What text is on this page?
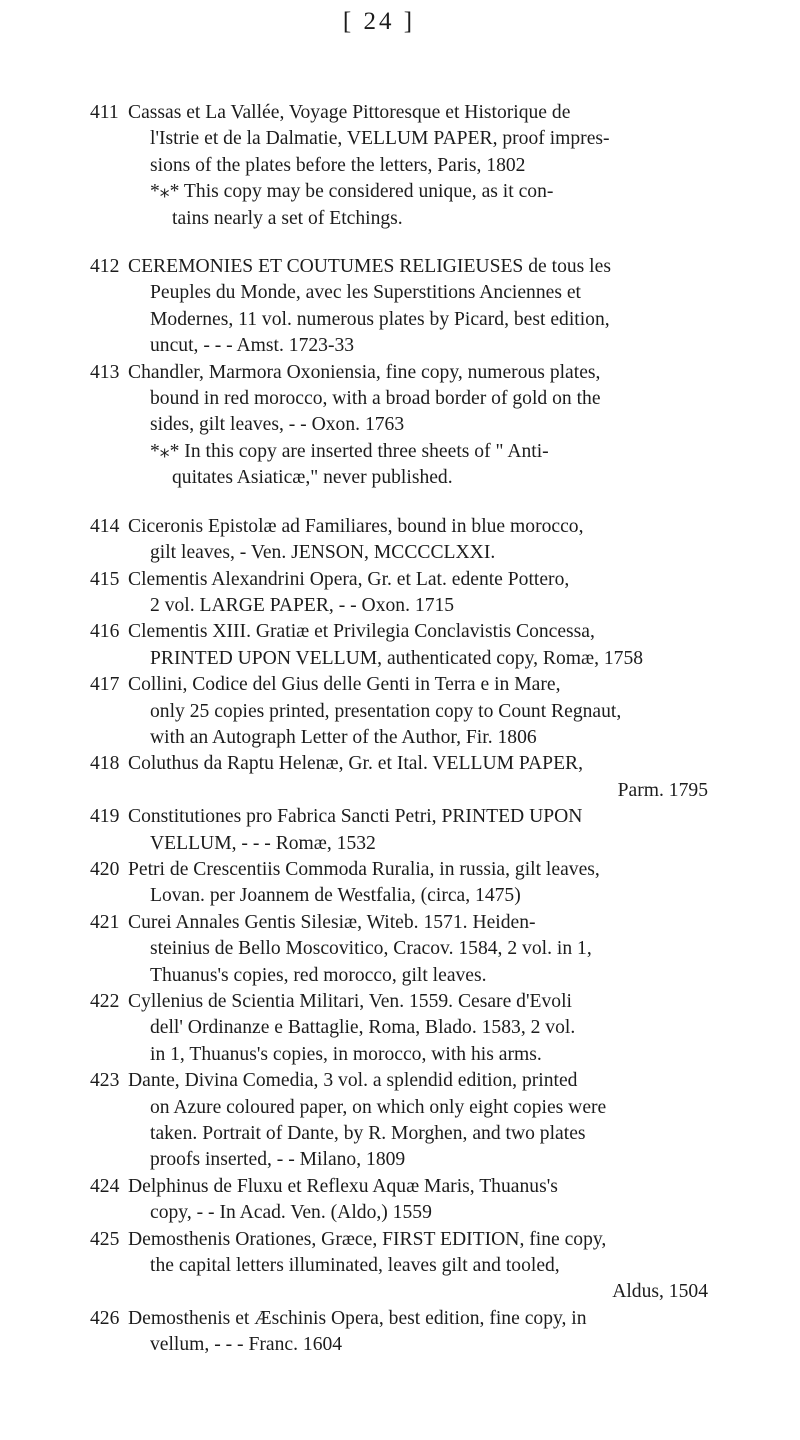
[ 24 ]
411 Cassas et La Vallée, Voyage Pittoresque et Historique de
l'Istrie et de la Dalmatie, VELLUM PAPER, proof impres-
sions of the plates before the letters, Paris, 1802
*⁎* This copy may be considered unique, as it con-
tains nearly a set of Etchings.
412 CEREMONIES ET COUTUMES RELIGIEUSES de tous les
Peuples du Monde, avec les Superstitions Anciennes et
Modernes, 11 vol. numerous plates by Picard, best edition,
uncut, - - - Amst. 1723-33
413 Chandler, Marmora Oxoniensia, fine copy, numerous plates,
bound in red morocco, with a broad border of gold on the
sides, gilt leaves, - - Oxon. 1763
*⁎* In this copy are inserted three sheets of " Anti-
quitates Asiaticæ," never published.
414 Ciceronis Epistolæ ad Familiares, bound in blue morocco,
gilt leaves, - Ven. JENSON, MCCCCLXXI.
415 Clementis Alexandrini Opera, Gr. et Lat. edente Pottero,
2 vol. LARGE PAPER, - - Oxon. 1715
416 Clementis XIII. Gratiæ et Privilegia Conclavistis Concessa,
PRINTED UPON VELLUM, authenticated copy, Romæ, 1758
417 Collini, Codice del Gius delle Genti in Terra e in Mare,
only 25 copies printed, presentation copy to Count Regnaut,
with an Autograph Letter of the Author, Fir. 1806
418 Coluthus da Raptu Helenæ, Gr. et Ital. VELLUM PAPER,
Parm. 1795
419 Constitutiones pro Fabrica Sancti Petri, PRINTED UPON
VELLUM, - - - Romæ, 1532
420 Petri de Crescentiis Commoda Ruralia, in russia, gilt leaves,
Lovan. per Joannem de Westfalia, (circa, 1475)
421 Curei Annales Gentis Silesiæ, Witeb. 1571. Heiden-
steinius de Bello Moscovitico, Cracov. 1584, 2 vol. in 1,
Thuanus's copies, red morocco, gilt leaves.
422 Cyllenius de Scientia Militari, Ven. 1559. Cesare d'Evoli
dell' Ordinanze e Battaglie, Roma, Blado. 1583, 2 vol.
in 1, Thuanus's copies, in morocco, with his arms.
423 Dante, Divina Comedia, 3 vol. a splendid edition, printed
on Azure coloured paper, on which only eight copies were
taken. Portrait of Dante, by R. Morghen, and two plates
proofs inserted, - - Milano, 1809
424 Delphinus de Fluxu et Reflexu Aquæ Maris, Thuanus's
copy, - - In Acad. Ven. (Aldo,) 1559
425 Demosthenis Orationes, Græce, FIRST EDITION, fine copy,
the capital letters illuminated, leaves gilt and tooled,
Aldus, 1504
426 Demosthenis et Æschinis Opera, best edition, fine copy, in
vellum, - - - Franc. 1604
